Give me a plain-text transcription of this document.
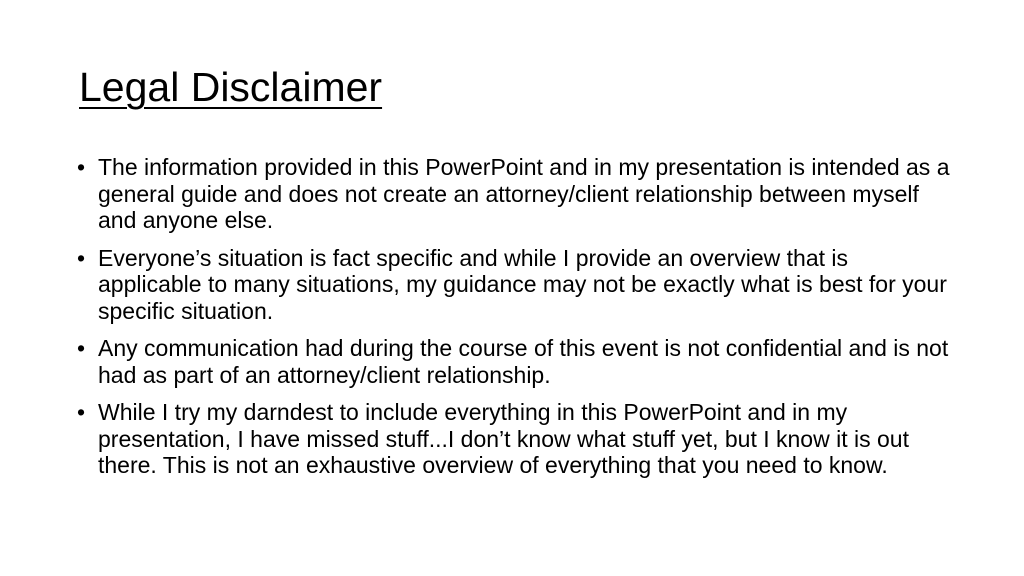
Legal Disclaimer
• The information provided in this PowerPoint and in my presentation is intended as a general guide and does not create an attorney/client relationship between myself and anyone else.
• Everyone’s situation is fact specific and while I provide an overview that is applicable to many situations, my guidance may not be exactly what is best for your specific situation.
• Any communication had during the course of this event is not confidential and is not had as part of an attorney/client relationship.
• While I try my darndest to include everything in this PowerPoint and in my presentation, I have missed stuff...I don’t know what stuff yet, but I know it is out there. This is not an exhaustive overview of everything that you need to know.
